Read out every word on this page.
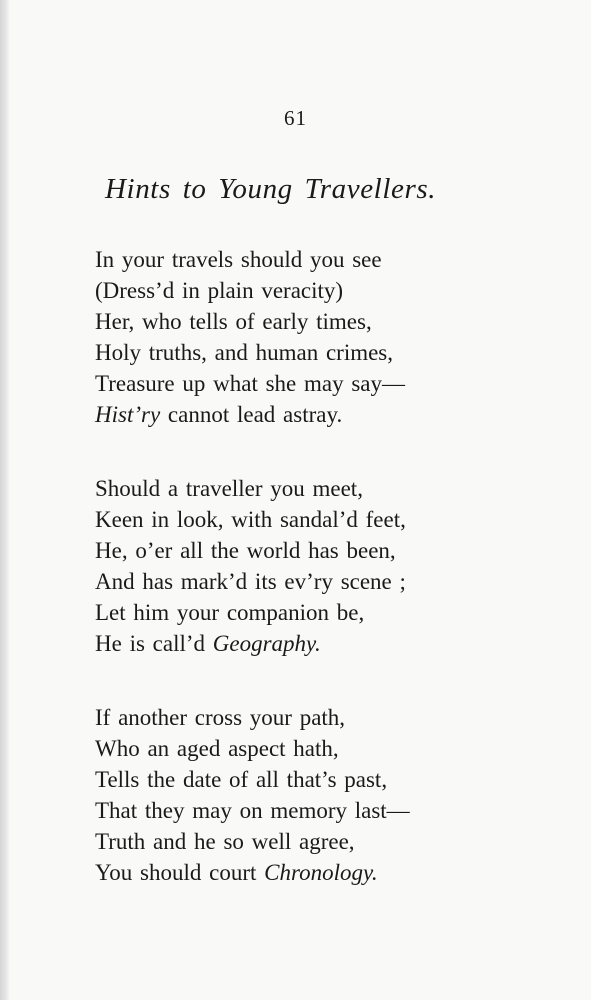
61
Hints to Young Travellers.
In your travels should you see
(Dress’d in plain veracity)
Her, who tells of early times,
Holy truths, and human crimes,
Treasure up what she may say—
Hist’ry cannot lead astray.
Should a traveller you meet,
Keen in look, with sandal’d feet,
He, o’er all the world has been,
And has mark’d its ev’ry scene ;
Let him your companion be,
He is call’d Geography.
If another cross your path,
Who an aged aspect hath,
Tells the date of all that’s past,
That they may on memory last—
Truth and he so well agree,
You should court Chronology.
